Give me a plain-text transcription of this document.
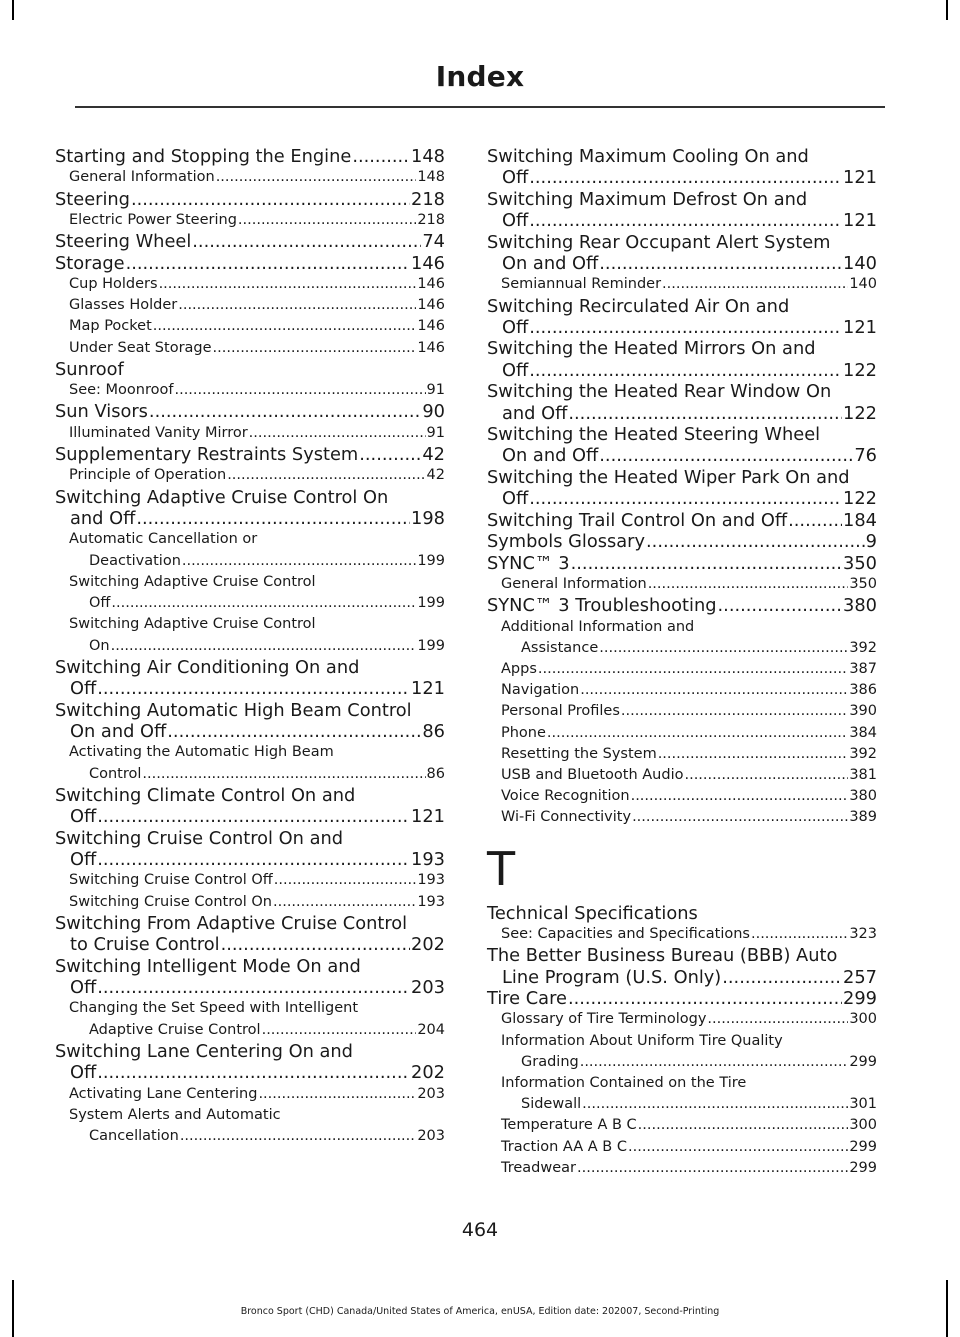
Index
Starting and Stopping the Engine .....	148
General Information .....	148
Steering .....	218
Electric Power Steering .....	218
Steering Wheel .....	74
Storage .....	146
Cup Holders .....	146
Glasses Holder .....	146
Map Pocket .....	146
Under Seat Storage .....	146
Sunroof
See: Moonroof .....	91
Sun Visors .....	90
Illuminated Vanity Mirror .....	91
Supplementary Restraints System .....	42
Principle of Operation .....	42
Switching Adaptive Cruise Control On
and Off .....	198
Automatic Cancellation or
Deactivation .....	199
Switching Adaptive Cruise Control
Off .....	199
Switching Adaptive Cruise Control
On .....	199
Switching Air Conditioning On and
Off .....	121
Switching Automatic High Beam Control
On and Off .....	86
Activating the Automatic High Beam
Control .....	86
Switching Climate Control On and
Off .....	121
Switching Cruise Control On and
Off .....	193
Switching Cruise Control Off .....	193
Switching Cruise Control On .....	193
Switching From Adaptive Cruise Control
to Cruise Control .....	202
Switching Intelligent Mode On and
Off .....	203
Changing the Set Speed with Intelligent
Adaptive Cruise Control .....	204
Switching Lane Centering On and
Off .....	202
Activating Lane Centering .....	203
System Alerts and Automatic
Cancellation .....	203
Switching Maximum Cooling On and
Off .....	121
Switching Maximum Defrost On and
Off .....	121
Switching Rear Occupant Alert System
On and Off .....	140
Semiannual Reminder .....	140
Switching Recirculated Air On and
Off .....	121
Switching the Heated Mirrors On and
Off .....	122
Switching the Heated Rear Window On
and Off .....	122
Switching the Heated Steering Wheel
On and Off .....	76
Switching the Heated Wiper Park On and
Off .....	122
Switching Trail Control On and Off .....	184
Symbols Glossary .....	9
SYNC™ 3 .....	350
General Information .....	350
SYNC™ 3 Troubleshooting .....	380
Additional Information and
Assistance .....	392
Apps .....	387
Navigation .....	386
Personal Profiles .....	390
Phone .....	384
Resetting the System .....	392
USB and Bluetooth Audio .....	381
Voice Recognition .....	380
Wi-Fi Connectivity .....	389
T
Technical Specifications
See: Capacities and Specifications .....	323
The Better Business Bureau (BBB) Auto
Line Program (U.S. Only) .....	257
Tire Care .....	299
Glossary of Tire Terminology .....	300
Information About Uniform Tire Quality
Grading .....	299
Information Contained on the Tire
Sidewall .....	301
Temperature A B C .....	300
Traction AA A B C .....	299
Treadwear .....	299
464
Bronco Sport (CHD) Canada/United States of America, enUSA, Edition date: 202007, Second-Printing
